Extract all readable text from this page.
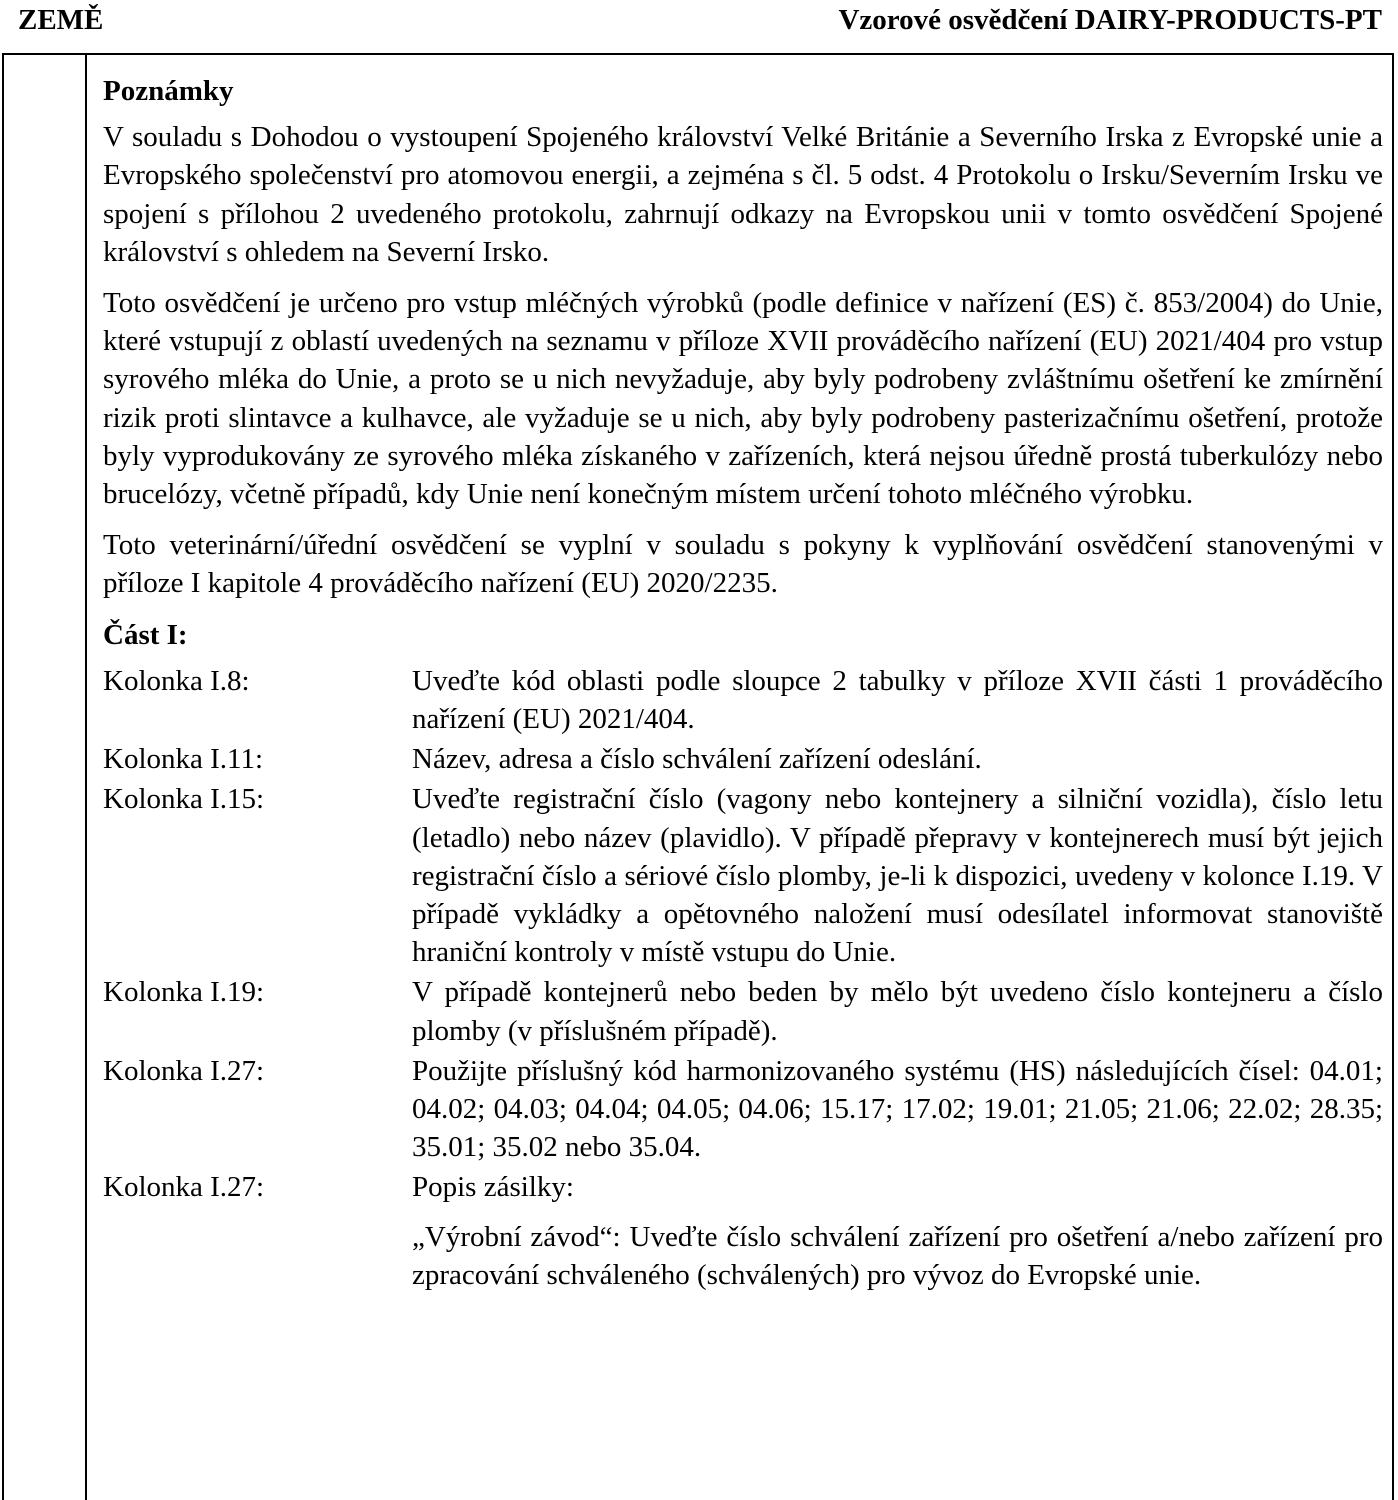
ZEMĚ	Vzorové osvědčení DAIRY-PRODUCTS-PT
Poznámky
V souladu s Dohodou o vystoupení Spojeného království Velké Británie a Severního Irska z Evropské unie a Evropského společenství pro atomovou energii, a zejména s čl. 5 odst. 4 Protokolu o Irsku/Severním Irsku ve spojení s přílohou 2 uvedeného protokolu, zahrnují odkazy na Evropskou unii v tomto osvědčení Spojené království s ohledem na Severní Irsko.
Toto osvědčení je určeno pro vstup mléčných výrobků (podle definice v nařízení (ES) č. 853/2004) do Unie, které vstupují z oblastí uvedených na seznamu v příloze XVII prováděcího nařízení (EU) 2021/404 pro vstup syrového mléka do Unie, a proto se u nich nevyžaduje, aby byly podrobeny zvláštnímu ošetření ke zmírnění rizik proti slintavce a kulhavce, ale vyžaduje se u nich, aby byly podrobeny pasterizačnímu ošetření, protože byly vyprodukovány ze syrového mléka získaného v zařízeních, která nejsou úředně prostá tuberkulózy nebo brucelózy, včetně případů, kdy Unie není konečným místem určení tohoto mléčného výrobku.
Toto veterinární/úřední osvědčení se vyplní v souladu s pokyny k vyplňování osvědčení stanovenými v příloze I kapitole 4 prováděcího nařízení (EU) 2020/2235.
Část I:
Kolonka I.8:	Uveďte kód oblasti podle sloupce 2 tabulky v příloze XVII části 1 prováděcího nařízení (EU) 2021/404.
Kolonka I.11:	Název, adresa a číslo schválení zařízení odeslání.
Kolonka I.15:	Uveďte registrační číslo (vagony nebo kontejnery a silniční vozidla), číslo letu (letadlo) nebo název (plavidlo). V případě přepravy v kontejnerech musí být jejich registrační číslo a sériové číslo plomby, je-li k dispozici, uvedeny v kolonce I.19. V případě vykládky a opětovného naložení musí odesílatel informovat stanoviště hraniční kontroly v místě vstupu do Unie.
Kolonka I.19:	V případě kontejnerů nebo beden by mělo být uvedeno číslo kontejneru a číslo plomby (v příslušném případě).
Kolonka I.27:	Použijte příslušný kód harmonizovaného systému (HS) následujících čísel: 04.01; 04.02; 04.03; 04.04; 04.05; 04.06; 15.17; 17.02; 19.01; 21.05; 21.06; 22.02; 28.35; 35.01; 35.02 nebo 35.04.
Kolonka I.27:	Popis zásilky:
„Výrobní závod“: Uveďte číslo schválení zařízení pro ošetření a/nebo zařízení pro zpracování schváleného (schválených) pro vývoz do Evropské unie.
